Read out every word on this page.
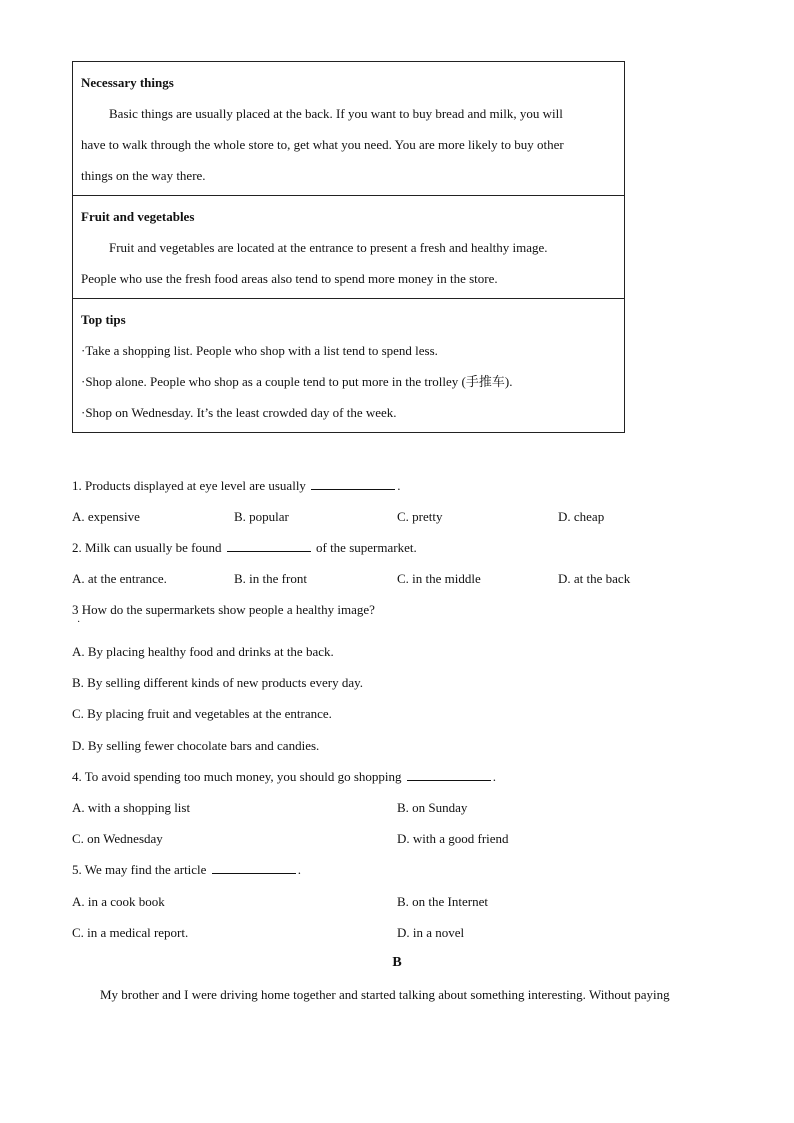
Necessary things
Basic things are usually placed at the back. If you want to buy bread and milk, you will
have to walk through the whole store to, get what you need. You are more likely to buy other
things on the way there.
Fruit and vegetables
Fruit and vegetables are located at the entrance to present a fresh and healthy image.
People who use the fresh food areas also tend to spend more money in the store.
Top tips
·Take a shopping list. People who shop with a list tend to spend less.
·Shop alone. People who shop as a couple tend to put more in the trolley (手推车).
·Shop on Wednesday. It’s the least crowded day of the week.
1. Products displayed at eye level are usually	.
A. expensive	B. popular	C. pretty	D. cheap
2. Milk can usually be found	of the supermarket.
A. at the entrance.	B. in the front	C. in the middle	D. at the back
3 How do the supermarkets show people a healthy image?
·
A. By placing healthy food and drinks at the back.
B. By selling different kinds of new products every day.
C. By placing fruit and vegetables at the entrance.
D. By selling fewer chocolate bars and candies.
4. To avoid spending too much money, you should go shopping	.
A. with a shopping list	B. on Sunday
C. on Wednesday	D. with a good friend
5. We may find the article	.
A. in a cook book	B. on the Internet
C. in a medical report.	D. in a novel
B
My brother and I were driving home together and started talking about something interesting. Without paying
